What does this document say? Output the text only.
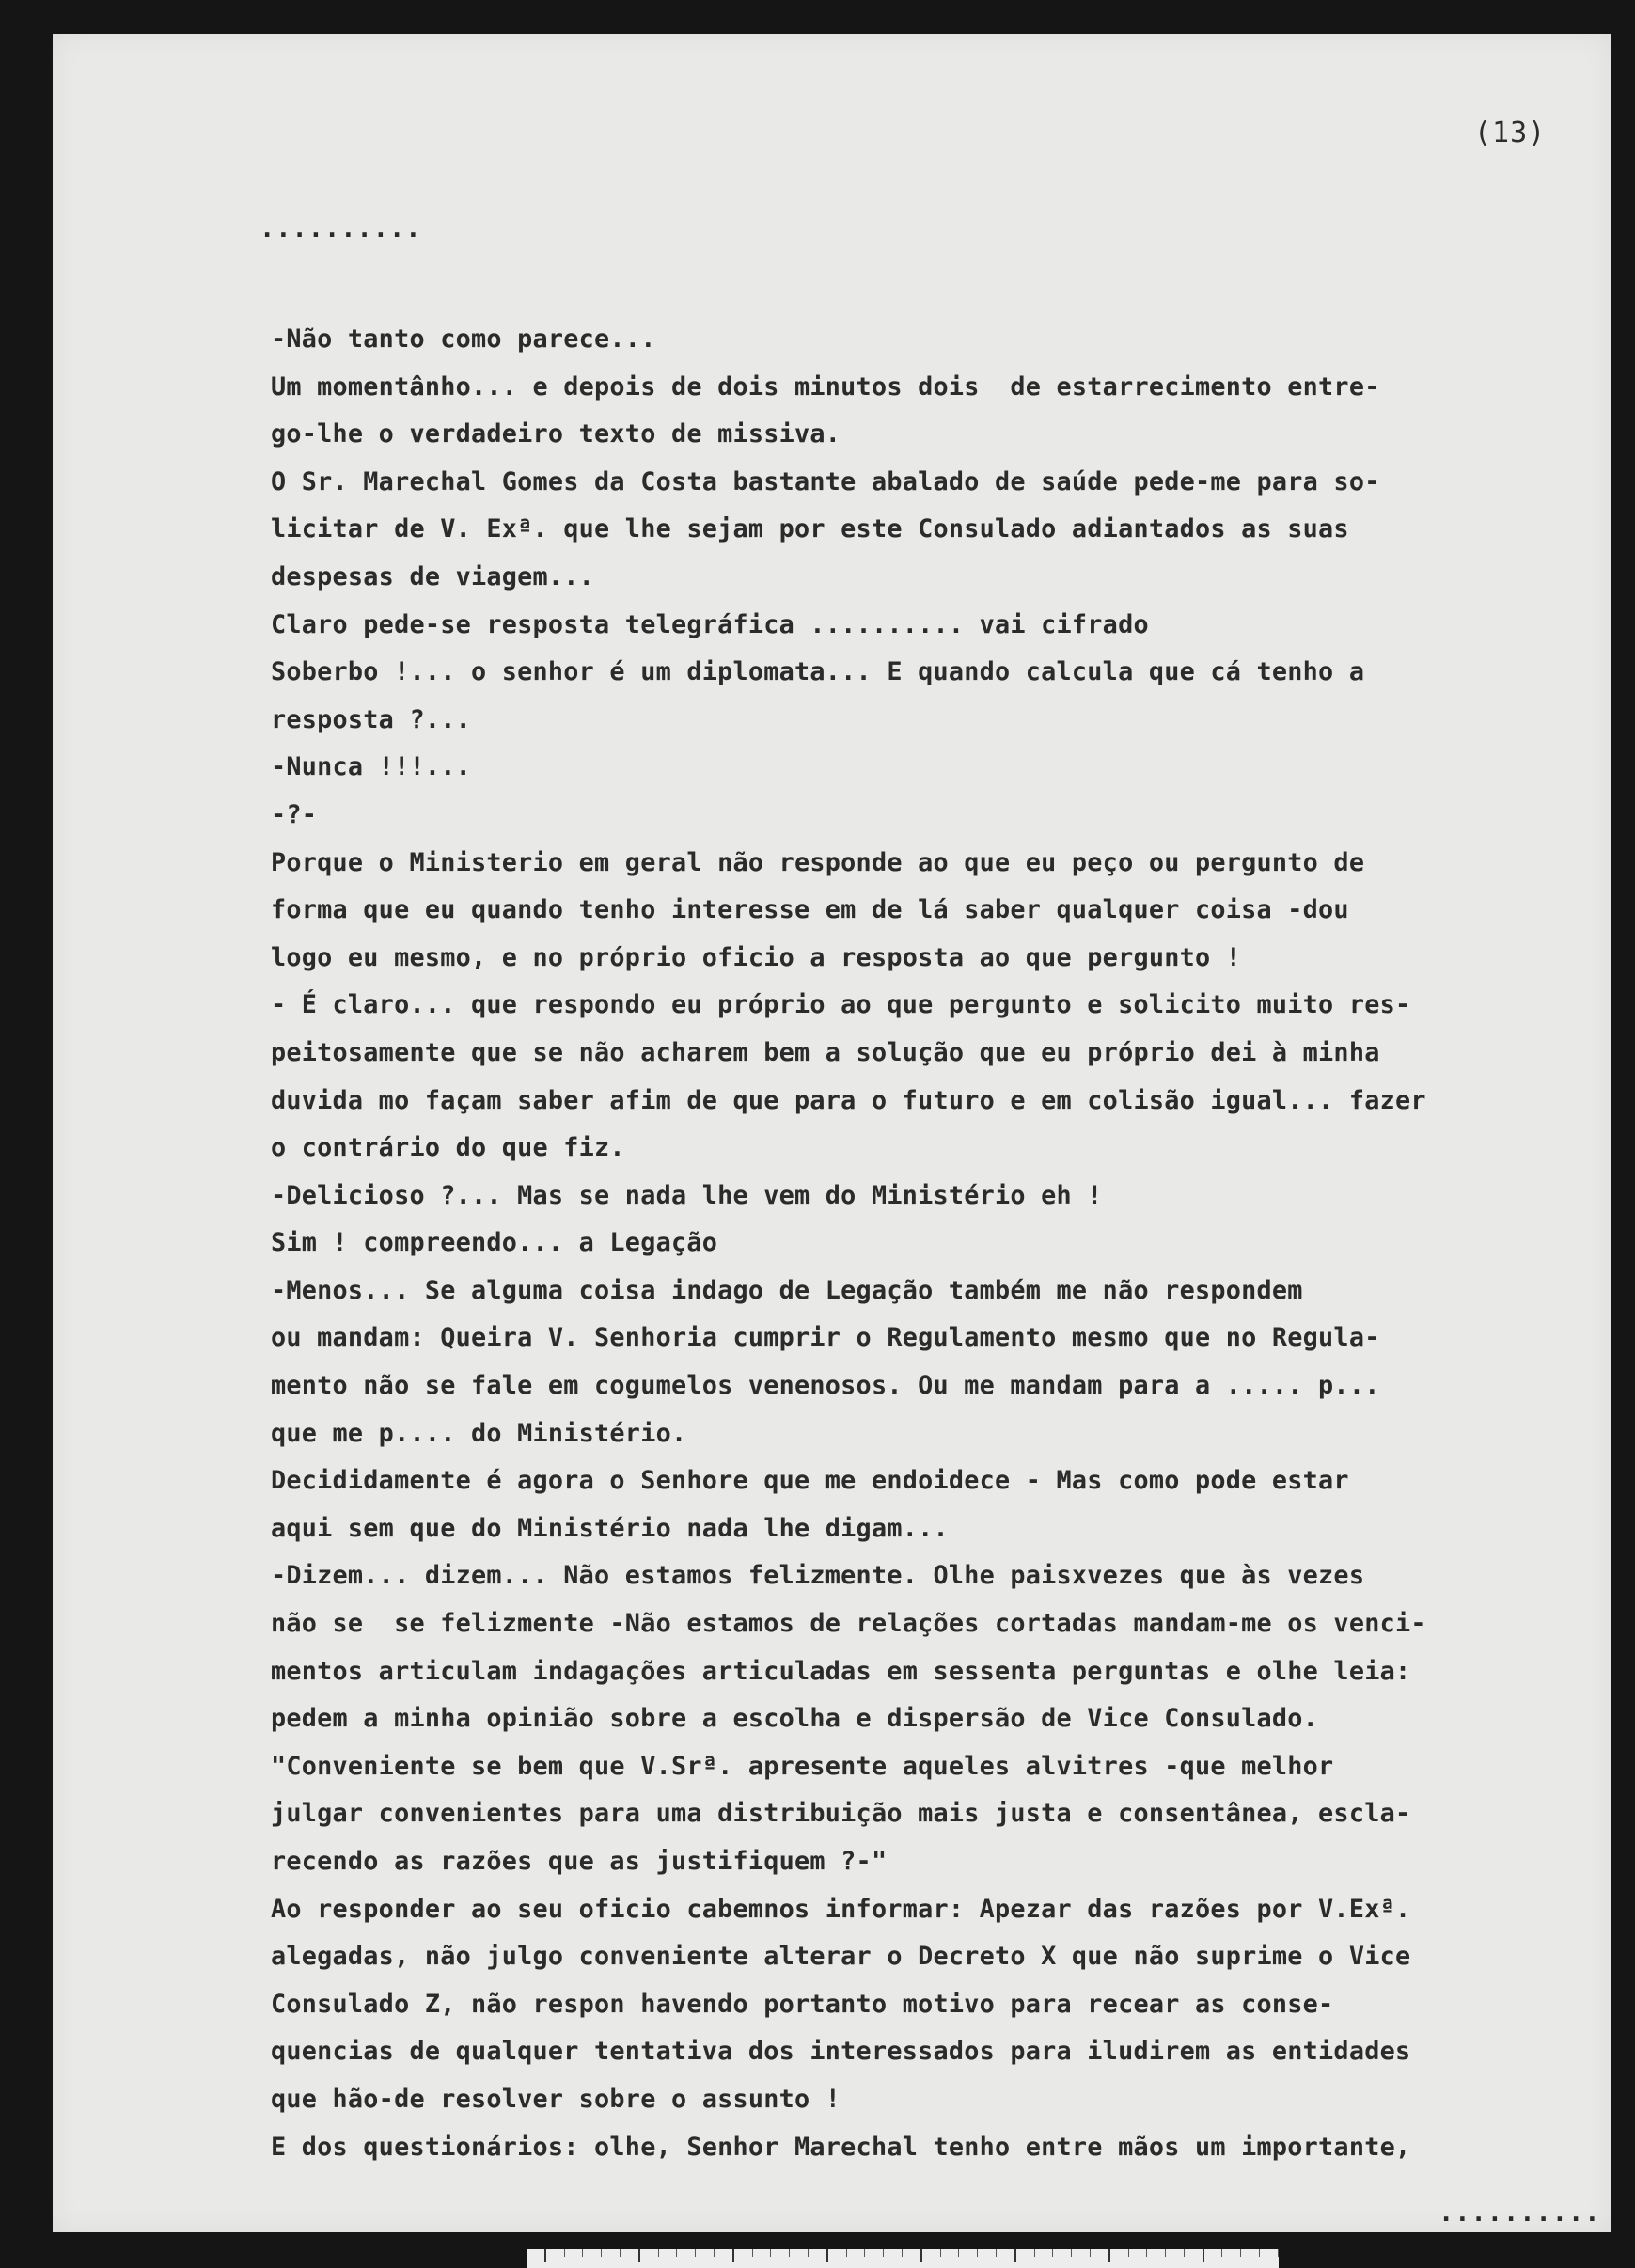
(13)
..........
-Não tanto como parece...
Um momentânho... e depois de dois minutos dois  de estarrecimento entre-
go-lhe o verdadeiro texto de missiva.
O Sr. Marechal Gomes da Costa bastante abalado de saúde pede-me para so-
licitar de V. Exª. que lhe sejam por este Consulado adiantados as suas
despesas de viagem...
Claro pede-se resposta telegráfica .......... vai cifrado
Soberbo !... o senhor é um diplomata... E quando calcula que cá tenho a
resposta ?...
-Nunca !!!...
-?-
Porque o Ministerio em geral não responde ao que eu peço ou pergunto de
forma que eu quando tenho interesse em de lá saber qualquer coisa -dou
logo eu mesmo, e no próprio oficio a resposta ao que pergunto !
- É claro... que respondo eu próprio ao que pergunto e solicito muito res-
peitosamente que se não acharem bem a solução que eu próprio dei à minha
duvida mo façam saber afim de que para o futuro e em colisão igual... fazer
o contrário do que fiz.
-Delicioso ?... Mas se nada lhe vem do Ministério eh !
Sim ! compreendo... a Legação
-Menos... Se alguma coisa indago de Legação também me não respondem
ou mandam: Queira V. Senhoria cumprir o Regulamento mesmo que no Regula-
mento não se fale em cogumelos venenosos. Ou me mandam para a ..... p...
que me p.... do Ministério.
Decididamente é agora o Senhore que me endoidece - Mas como pode estar
aqui sem que do Ministério nada lhe digam...
-Dizem... dizem... Não estamos felizmente. Olhe paisxvezes que às vezes
não se  se felizmente -Não estamos de relações cortadas mandam-me os venci-
mentos articulam indagações articuladas em sessenta perguntas e olhe leia:
pedem a minha opinião sobre a escolha e dispersão de Vice Consulado.
"Conveniente se bem que V.Srª. apresente aqueles alvitres -que melhor
julgar convenientes para uma distribuição mais justa e consentânea, escla-
recendo as razões que as justifiquem ?-"
Ao responder ao seu oficio cabemnos informar: Apezar das razões por V.Exª.
alegadas, não julgo conveniente alterar o Decreto X que não suprime o Vice
Consulado Z, não respon havendo portanto motivo para recear as conse-
quencias de qualquer tentativa dos interessados para iludirem as entidades
que hão-de resolver sobre o assunto !
E dos questionários: olhe, Senhor Marechal tenho entre mãos um importante,
..........
